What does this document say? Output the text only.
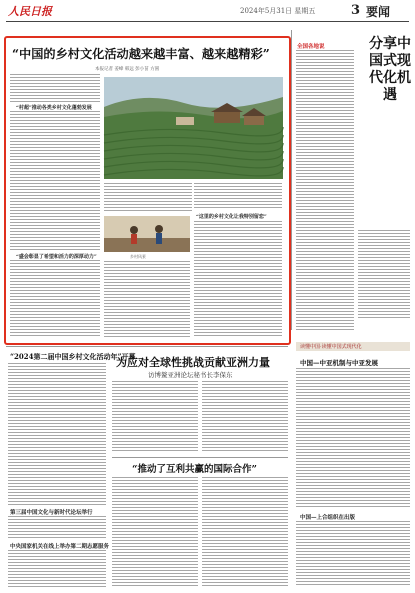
人民日报	2024年5月31日 星期五	3 要闻
“中国的乡村文化活动越来越丰富、越来越精彩”
本报记者 姜峰 韩远 彭小苗 方圆
“村超”推动各类乡村文化蓬勃发展
“盛会彰显了希望和活力的深厚动力”	乡村风景
“这里的乡村文化让我特别留恋”
全国各地说	分享中国式现代化机遇
读懂中国·读懂中国式现代化
中国—中亚机制与中亚发展
中国—上合组织在出版
“2024第二届中国乡村文化活动年”开幕
第三届中国文化与新时代论坛举行
中央国家机关在线上举办第二期志愿服务
为应对全球性挑战贡献亚洲力量
访博鳌亚洲论坛秘书长李保东
“推动了互利共赢的国际合作”
